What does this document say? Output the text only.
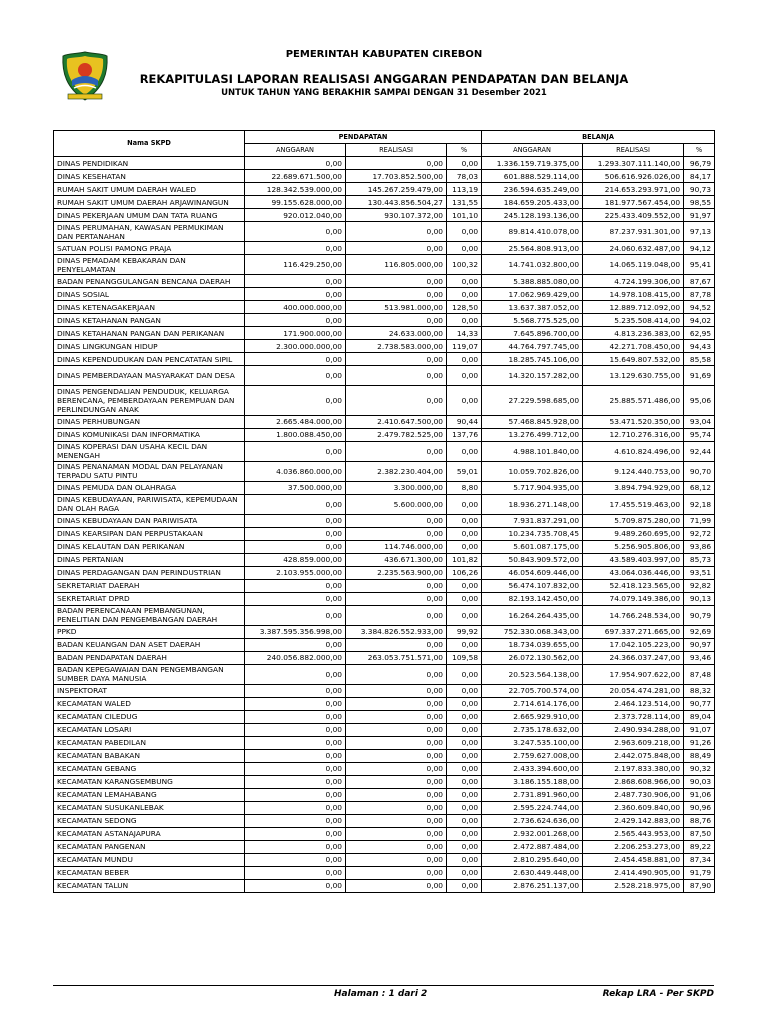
PEMERINTAH KABUPATEN CIREBON
REKAPITULASI LAPORAN REALISASI ANGGARAN PENDAPATAN DAN BELANJA
UNTUK TAHUN YANG BERAKHIR SAMPAI DENGAN 31 Desember 2021
Nama SKPD	PENDAPATAN			BELANJA		
	ANGGARAN	REALISASI	%	ANGGARAN	REALISASI	%
DINAS PENDIDIKAN	0,00	0,00	0,00	1.336.159.719.375,00	1.293.307.111.140,00	96,79
DINAS KESEHATAN	22.689.671.500,00	17.703.852.500,00	78,03	601.888.529.114,00	506.616.926.026,00	84,17
RUMAH SAKIT UMUM DAERAH WALED	128.342.539.000,00	145.267.259.479,00	113,19	236.594.635.249,00	214.653.293.971,00	90,73
RUMAH SAKIT UMUM DAERAH ARJAWINANGUN	99.155.628.000,00	130.443.856.504,27	131,55	184.659.205.433,00	181.977.567.454,00	98,55
DINAS PEKERJAAN UMUM DAN TATA RUANG	920.012.040,00	930.107.372,00	101,10	245.128.193.136,00	225.433.409.552,00	91,97
DINAS PERUMAHAN, KAWASAN PERMUKIMAN DAN PERTANAHAN	0,00	0,00	0,00	89.814.410.078,00	87.237.931.301,00	97,13
SATUAN POLISI PAMONG PRAJA	0,00	0,00	0,00	25.564.808.913,00	24.060.632.487,00	94,12
DINAS PEMADAM KEBAKARAN DAN PENYELAMATAN	116.429.250,00	116.805.000,00	100,32	14.741.032.800,00	14.065.119.048,00	95,41
BADAN PENANGGULANGAN BENCANA DAERAH	0,00	0,00	0,00	5.388.885.080,00	4.724.199.306,00	87,67
DINAS SOSIAL	0,00	0,00	0,00	17.062.969.429,00	14.978.108.415,00	87,78
DINAS KETENAGAKERJAAN	400.000.000,00	513.981.000,00	128,50	13.637.387.052,00	12.889.712.092,00	94,52
DINAS KETAHANAN PANGAN	0,00	0,00	0,00	5.568.775.525,00	5.235.508.414,00	94,02
DINAS KETAHANAN PANGAN DAN PERIKANAN	171.900.000,00	24.633.000,00	14,33	7.645.896.700,00	4.813.236.383,00	62,95
DINAS LINGKUNGAN HIDUP	2.300.000.000,00	2.738.583.000,00	119,07	44.764.797.745,00	42.271.708.450,00	94,43
DINAS KEPENDUDUKAN DAN PENCATATAN SIPIL	0,00	0,00	0,00	18.285.745.106,00	15.649.807.532,00	85,58
DINAS PEMBERDAYAAN MASYARAKAT DAN DESA	0,00	0,00	0,00	14.320.157.282,00	13.129.630.755,00	91,69
DINAS PENGENDALIAN PENDUDUK, KELUARGA BERENCANA, PEMBERDAYAAN PEREMPUAN DAN PERLINDUNGAN ANAK	0,00	0,00	0,00	27.229.598.685,00	25.885.571.486,00	95,06
DINAS PERHUBUNGAN	2.665.484.000,00	2.410.647.500,00	90,44	57.468.845.928,00	53.471.520.350,00	93,04
DINAS KOMUNIKASI DAN INFORMATIKA	1.800.088.450,00	2.479.782.525,00	137,76	13.276.499.712,00	12.710.276.316,00	95,74
DINAS KOPERASI DAN USAHA KECIL DAN MENENGAH	0,00	0,00	0,00	4.988.101.840,00	4.610.824.496,00	92,44
DINAS PENANAMAN MODAL DAN PELAYANAN TERPADU SATU PINTU	4.036.860.000,00	2.382.230.404,00	59,01	10.059.702.826,00	9.124.440.753,00	90,70
DINAS PEMUDA DAN OLAHRAGA	37.500.000,00	3.300.000,00	8,80	5.717.904.935,00	3.894.794.929,00	68,12
DINAS KEBUDAYAAN, PARIWISATA, KEPEMUDAAN DAN OLAH RAGA	0,00	5.600.000,00	0,00	18.936.271.148,00	17.455.519.463,00	92,18
DINAS KEBUDAYAAN DAN PARIWISATA	0,00	0,00	0,00	7.931.837.291,00	5.709.875.280,00	71,99
DINAS KEARSIPAN DAN PERPUSTAKAAN	0,00	0,00	0,00	10.234.735.708,45	9.489.260.695,00	92,72
DINAS KELAUTAN DAN PERIKANAN	0,00	114.746.000,00	0,00	5.601.087.175,00	5.256.905.806,00	93,86
DINAS PERTANIAN	428.859.000,00	436.671.300,00	101,82	50.843.909.572,00	43.589.403.997,00	85,73
DINAS PERDAGANGAN DAN PERINDUSTRIAN	2.103.955.000,00	2.235.563.900,00	106,26	46.054.609.446,00	43.064.036.446,00	93,51
SEKRETARIAT DAERAH	0,00	0,00	0,00	56.474.107.832,00	52.418.123.565,00	92,82
SEKRETARIAT DPRD	0,00	0,00	0,00	82.193.142.450,00	74.079.149.386,00	90,13
BADAN PERENCANAAN PEMBANGUNAN, PENELITIAN DAN PENGEMBANGAN DAERAH	0,00	0,00	0,00	16.264.264.435,00	14.766.248.534,00	90,79
PPKD	3.387.595.356.998,00	3.384.826.552.933,00	99,92	752.330.068.343,00	697.337.271.665,00	92,69
BADAN KEUANGAN DAN ASET DAERAH	0,00	0,00	0,00	18.734.039.655,00	17.042.105.223,00	90,97
BADAN PENDAPATAN DAERAH	240.056.882.000,00	263.053.751.571,00	109,58	26.072.130.562,00	24.366.037.247,00	93,46
BADAN KEPEGAWAIAN DAN PENGEMBANGAN SUMBER DAYA MANUSIA	0,00	0,00	0,00	20.523.564.138,00	17.954.907.622,00	87,48
INSPEKTORAT	0,00	0,00	0,00	22.705.700.574,00	20.054.474.281,00	88,32
KECAMATAN WALED	0,00	0,00	0,00	2.714.614.176,00	2.464.123.514,00	90,77
KECAMATAN CILEDUG	0,00	0,00	0,00	2.665.929.910,00	2.373.728.114,00	89,04
KECAMATAN LOSARI	0,00	0,00	0,00	2.735.178.632,00	2.490.934.288,00	91,07
KECAMATAN PABEDILAN	0,00	0,00	0,00	3.247.535.100,00	2.963.609.218,00	91,26
KECAMATAN BABAKAN	0,00	0,00	0,00	2.759.627.008,00	2.442.075.848,00	88,49
KECAMATAN GEBANG	0,00	0,00	0,00	2.433.394.600,00	2.197.833.380,00	90,32
KECAMATAN KARANGSEMBUNG	0,00	0,00	0,00	3.186.155.188,00	2.868.608.966,00	90,03
KECAMATAN LEMAHABANG	0,00	0,00	0,00	2.731.891.960,00	2.487.730.906,00	91,06
KECAMATAN SUSUKANLEBAK	0,00	0,00	0,00	2.595.224.744,00	2.360.609.840,00	90,96
KECAMATAN SEDONG	0,00	0,00	0,00	2.736.624.636,00	2.429.142.883,00	88,76
KECAMATAN ASTANAJAPURA	0,00	0,00	0,00	2.932.001.268,00	2.565.443.953,00	87,50
KECAMATAN PANGENAN	0,00	0,00	0,00	2.472.887.484,00	2.206.253.273,00	89,22
KECAMATAN MUNDU	0,00	0,00	0,00	2.810.295.640,00	2.454.458.881,00	87,34
KECAMATAN BEBER	0,00	0,00	0,00	2.630.449.448,00	2.414.490.905,00	91,79
KECAMATAN TALUN	0,00	0,00	0,00	2.876.251.137,00	2.528.218.975,00	87,90
Halaman : 1 dari 2	Rekap LRA - Per SKPD
